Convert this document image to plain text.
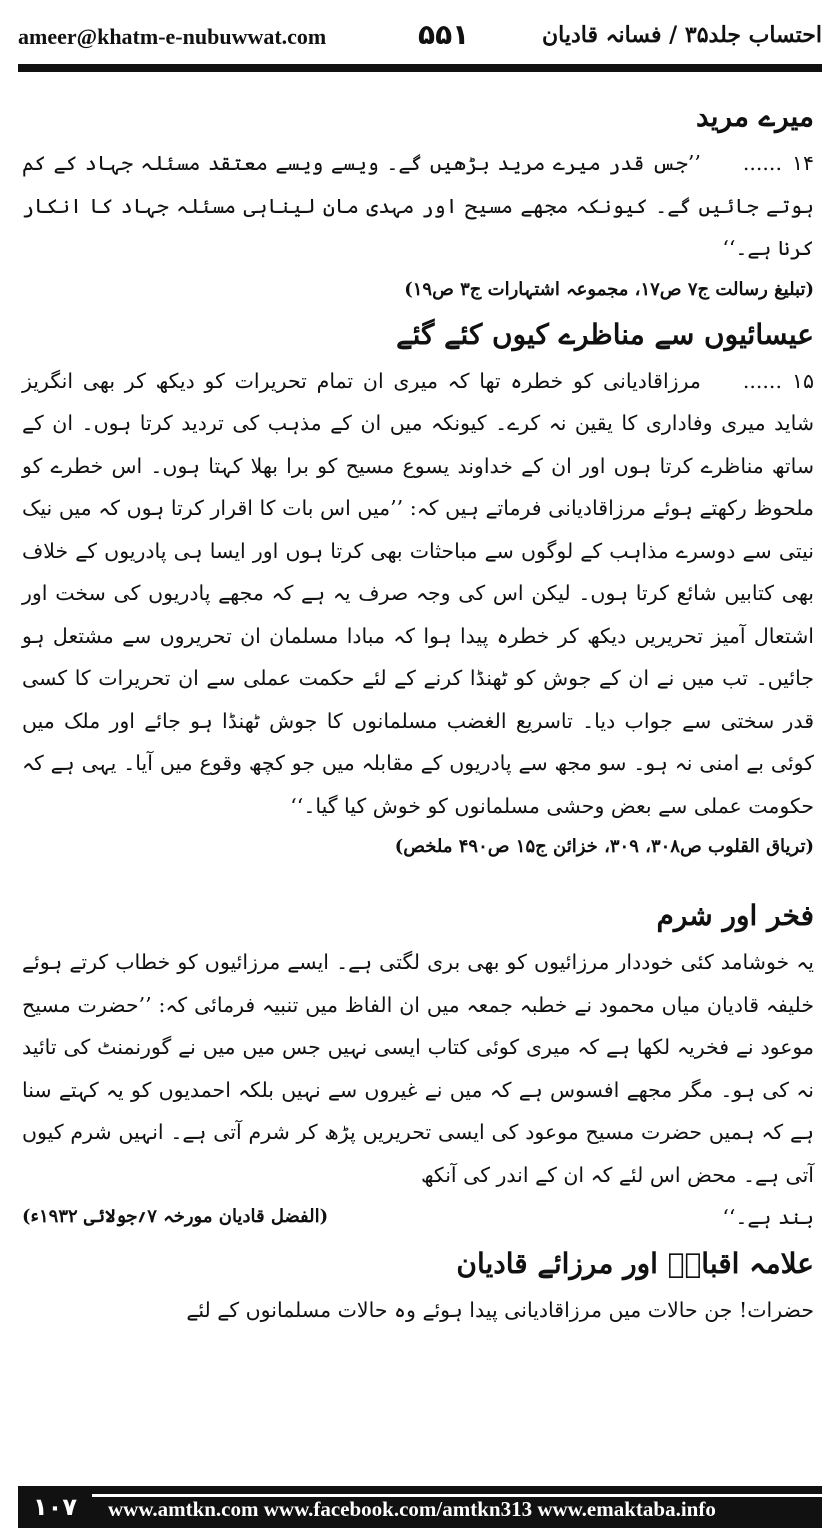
ameer@khatm-e-nubuwwat.com	۵۵۱	احتساب جلد۳۵ / فسانہ قادیان
میرے مرید

۱۴......’’جس قدر میرے مرید بڑھیں گے۔ ویسے ویسے معتقد مسئلہ جہاد کے کم ہوتے جائیں گے۔ کیونکہ مجھے مسیح اور مہدی مان لیناہی مسئلہ جہاد کا انکار کرنا ہے۔‘‘

(تبلیغ رسالت ج۷ ص۱۷، مجموعہ اشتہارات ج۳ ص۱۹)

عیسائیوں سے مناظرے کیوں کئے گئے

۱۵......مرزاقادیانی کو خطرہ تھا کہ میری ان تمام تحریرات کو دیکھ کر بھی انگریز شاید میری وفاداری کا یقین نہ کرے۔ کیونکہ میں ان کے مذہب کی تردید کرتا ہوں۔ ان کے ساتھ مناظرے کرتا ہوں اور ان کے خداوند یسوع مسیح کو برا بھلا کہتا ہوں۔ اس خطرے کو ملحوظ رکھتے ہوئے مرزاقادیانی فرماتے ہیں کہ: ’’میں اس بات کا اقرار کرتا ہوں کہ میں نیک نیتی سے دوسرے مذاہب کے لوگوں سے مباحثات بھی کرتا ہوں اور ایسا ہی پادریوں کے خلاف بھی کتابیں شائع کرتا ہوں۔ لیکن اس کی وجہ صرف یہ ہے کہ مجھے پادریوں کی سخت اور اشتعال آمیز تحریریں دیکھ کر خطرہ پیدا ہوا کہ مبادا مسلمان ان تحریروں سے مشتعل ہو جائیں۔ تب میں نے ان کے جوش کو ٹھنڈا کرنے کے لئے حکمت عملی سے ان تحریرات کا کسی قدر سختی سے جواب دیا۔ تاسریع الغضب مسلمانوں کا جوش ٹھنڈا ہو جائے اور ملک میں کوئی بے امنی نہ ہو۔ سو مجھ سے پادریوں کے مقابلہ میں جو کچھ وقوع میں آیا۔ یہی ہے کہ حکومت عملی سے بعض وحشی مسلمانوں کو خوش کیا گیا۔‘‘

(تریاق القلوب ص۳۰۸، ۳۰۹، خزائن ج۱۵ ص۴۹۰ ملخص)

فخر اور شرم

یہ خوشامد کئی خوددار مرزائیوں کو بھی بری لگتی ہے۔ ایسے مرزائیوں کو خطاب کرتے ہوئے خلیفہ قادیان میاں محمود نے خطبہ جمعہ میں ان الفاظ میں تنبیہ فرمائی کہ: ’’حضرت مسیح موعود نے فخریہ لکھا ہے کہ میری کوئی کتاب ایسی نہیں جس میں میں نے گورنمنٹ کی تائید نہ کی ہو۔ مگر مجھے افسوس ہے کہ میں نے غیروں سے نہیں بلکہ احمدیوں کو یہ کہتے سنا ہے کہ ہمیں حضرت مسیح موعود کی ایسی تحریریں پڑھ کر شرم آتی ہے۔ انہیں شرم کیوں آتی ہے۔ محض اس لئے کہ ان کے اندر کی آنکھ

بند ہے۔‘‘
(الفضل قادیان مورخہ ۷؍جولائی ۱۹۳۲ء)

علامہ اقبالؒ اور مرزائے قادیان

حضرات! جن حالات میں مرزاقادیانی پیدا ہوئے وہ حالات مسلمانوں کے لئے

۱۰۷	www.amtkn.com www.facebook.com/amtkn313 www.emaktaba.info
